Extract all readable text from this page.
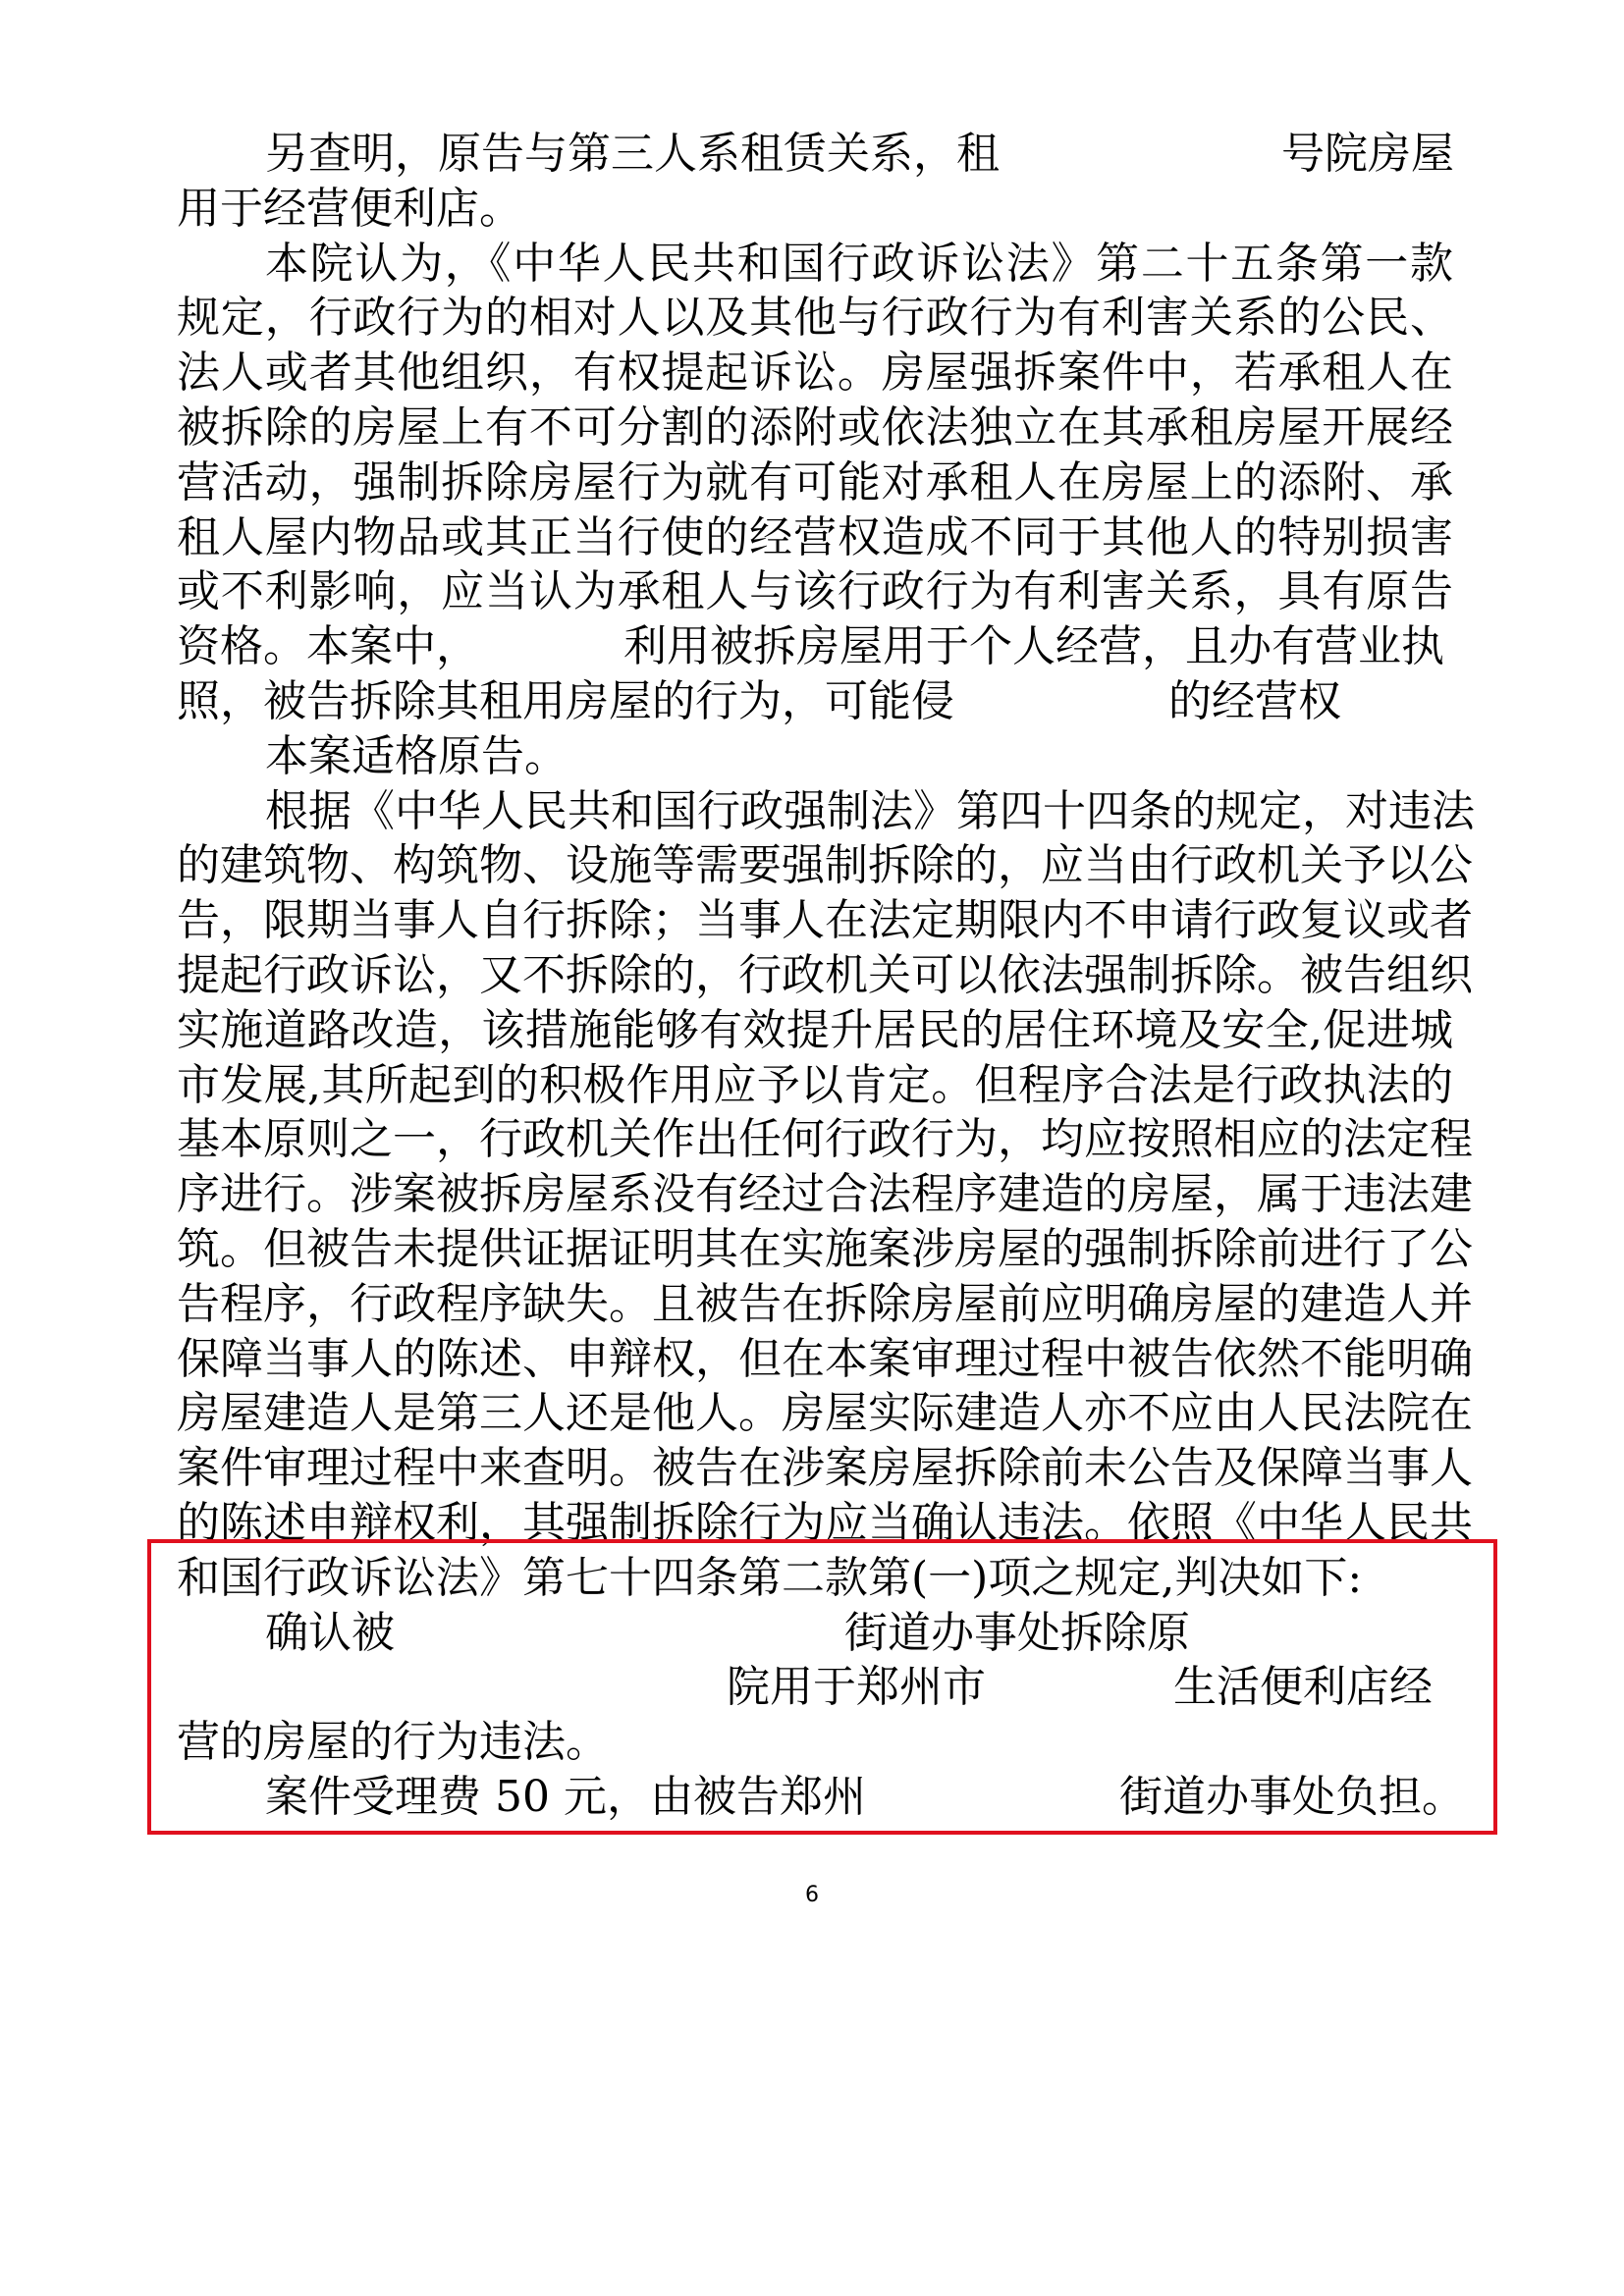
另查明，原告与第三人系租赁关系，租	号院房屋
用于经营便利店。
本院认为，《中华人民共和国行政诉讼法》第二十五条第一款
规定，行政行为的相对人以及其他与行政行为有利害关系的公民、
法人或者其他组织，有权提起诉讼。房屋强拆案件中，若承租人在
被拆除的房屋上有不可分割的添附或依法独立在其承租房屋开展经
营活动，强制拆除房屋行为就有可能对承租人在房屋上的添附、承
租人屋内物品或其正当行使的经营权造成不同于其他人的特别损害
或不利影响，应当认为承租人与该行政行为有利害关系，具有原告
资格。本案中，	利用被拆房屋用于个人经营，且办有营业执
照，被告拆除其租用房屋的行为，可能侵	的经营权
本案适格原告。
根据《中华人民共和国行政强制法》第四十四条的规定，对违法
的建筑物、构筑物、设施等需要强制拆除的，应当由行政机关予以公
告，限期当事人自行拆除；当事人在法定期限内不申请行政复议或者
提起行政诉讼，又不拆除的，行政机关可以依法强制拆除。被告组织
实施道路改造，该措施能够有效提升居民的居住环境及安全,促进城
市发展,其所起到的积极作用应予以肯定。但程序合法是行政执法的
基本原则之一，行政机关作出任何行政行为，均应按照相应的法定程
序进行。涉案被拆房屋系没有经过合法程序建造的房屋，属于违法建
筑。但被告未提供证据证明其在实施案涉房屋的强制拆除前进行了公
告程序，行政程序缺失。且被告在拆除房屋前应明确房屋的建造人并
保障当事人的陈述、申辩权，但在本案审理过程中被告依然不能明确
房屋建造人是第三人还是他人。房屋实际建造人亦不应由人民法院在
案件审理过程中来查明。被告在涉案房屋拆除前未公告及保障当事人
的陈述申辩权利，其强制拆除行为应当确认违法。依照《中华人民共
和国行政诉讼法》第七十四条第二款第(一)项之规定,判决如下:
确认被	街道办事处拆除原
院用于郑州市	生活便利店经
营的房屋的行为违法。
案件受理费 50 元，由被告郑州	街道办事处负担。
6
